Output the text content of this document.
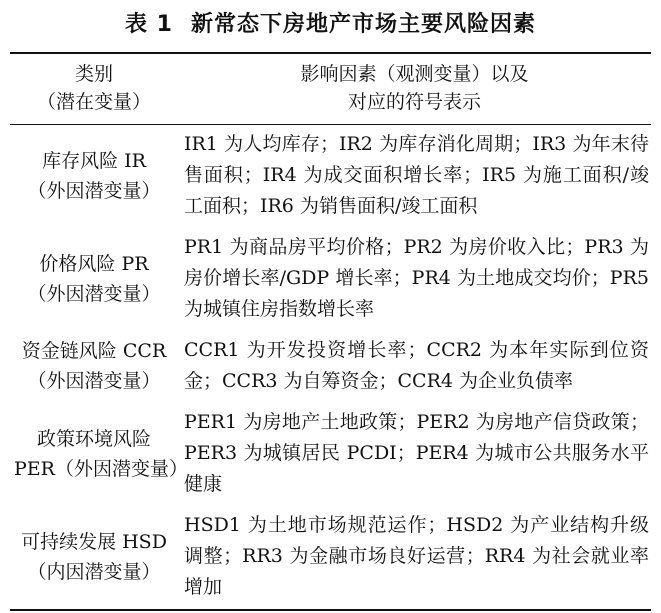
表 1 新常态下房地产市场主要风险因素
类别
（潜在变量）	影响因素（观测变量）以及
对应的符号表示

库存风险 IR
（外因潜变量）	IR1 为人均库存；IR2 为库存消化周期；IR3 为年末待售面积；IR4 为成交面积增长率；IR5 为施工面积/竣工面积；IR6 为销售面积/竣工面积

价格风险 PR
（外因潜变量）	PR1 为商品房平均价格；PR2 为房价收入比；PR3 为房价增长率/GDP 增长率；PR4 为土地成交均价；PR5 为城镇住房指数增长率

资金链风险 CCR
（外因潜变量）	CCR1 为开发投资增长率；CCR2 为本年实际到位资金；CCR3 为自筹资金；CCR4 为企业负债率

政策环境风险
PER（外因潜变量）	PER1 为房地产土地政策；PER2 为房地产信贷政策；PER3 为城镇居民 PCDI；PER4 为城市公共服务水平健康

可持续发展 HSD
（内因潜变量）	HSD1 为土地市场规范运作；HSD2 为产业结构升级调整；RR3 为金融市场良好运营；RR4 为社会就业率增加
